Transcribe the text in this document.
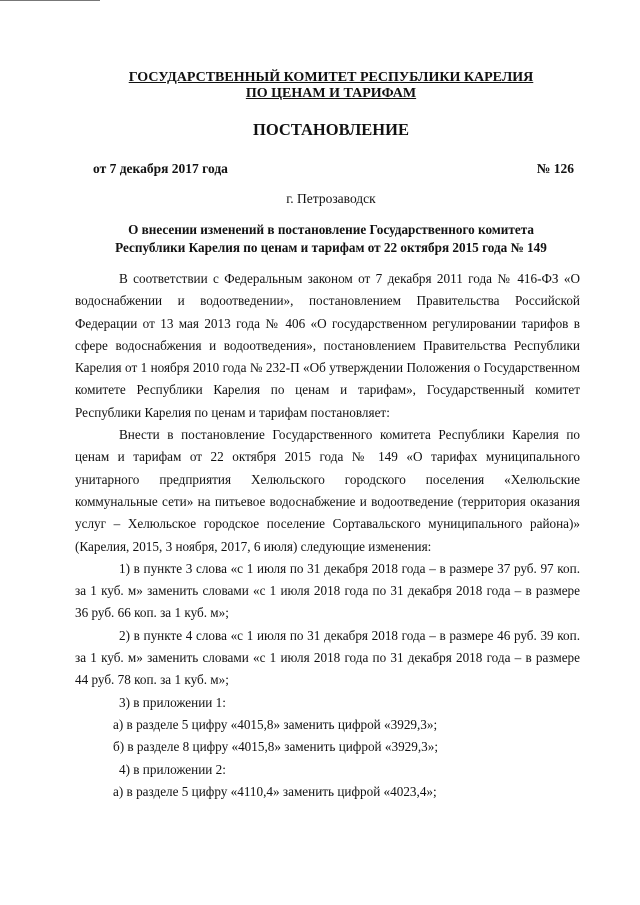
ГОСУДАРСТВЕННЫЙ КОМИТЕТ РЕСПУБЛИКИ КАРЕЛИЯ
ПО ЦЕНАМ И ТАРИФАМ
ПОСТАНОВЛЕНИЕ
от 7 декабря 2017 года	№ 126
г. Петрозаводск
О внесении изменений в постановление Государственного комитета
Республики Карелия по ценам и тарифам от 22 октября 2015 года № 149

В соответствии с Федеральным законом от 7 декабря 2011 года № 416-ФЗ «О водоснабжении и водоотведении», постановлением Правительства Российской Федерации от 13 мая 2013 года № 406 «О государственном регулировании тарифов в сфере водоснабжения и водоотведения», постановлением Правительства Республики Карелия от 1 ноября 2010 года № 232-П «Об утверждении Положения о Государственном комитете Республики Карелия по ценам и тарифам», Государственный комитет Республики Карелия по ценам и тарифам постановляет:

Внести в постановление Государственного комитета Республики Карелия по ценам и тарифам от 22 октября 2015 года № 149 «О тарифах муниципального унитарного предприятия Хелюльского городского поселения «Хелюльские коммунальные сети» на питьевое водоснабжение и водоотведение (территория оказания услуг – Хелюльское городское поселение Сортавальского муниципального района)» (Карелия, 2015, 3 ноября, 2017, 6 июля) следующие изменения:

1) в пункте 3 слова «с 1 июля по 31 декабря 2018 года – в размере 37 руб. 97 коп. за 1 куб. м» заменить словами «с 1 июля 2018 года по 31 декабря 2018 года – в размере 36 руб. 66 коп. за 1 куб. м»;

2) в пункте 4 слова «с 1 июля по 31 декабря 2018 года – в размере 46 руб. 39 коп. за 1 куб. м» заменить словами «с 1 июля 2018 года по 31 декабря 2018 года – в размере 44 руб. 78 коп. за 1 куб. м»;

3) в приложении 1:

а) в разделе 5 цифру «4015,8» заменить цифрой «3929,3»;

б) в разделе 8 цифру «4015,8» заменить цифрой «3929,3»;

4) в приложении 2:

а) в разделе 5 цифру «4110,4» заменить цифрой «4023,4»;
